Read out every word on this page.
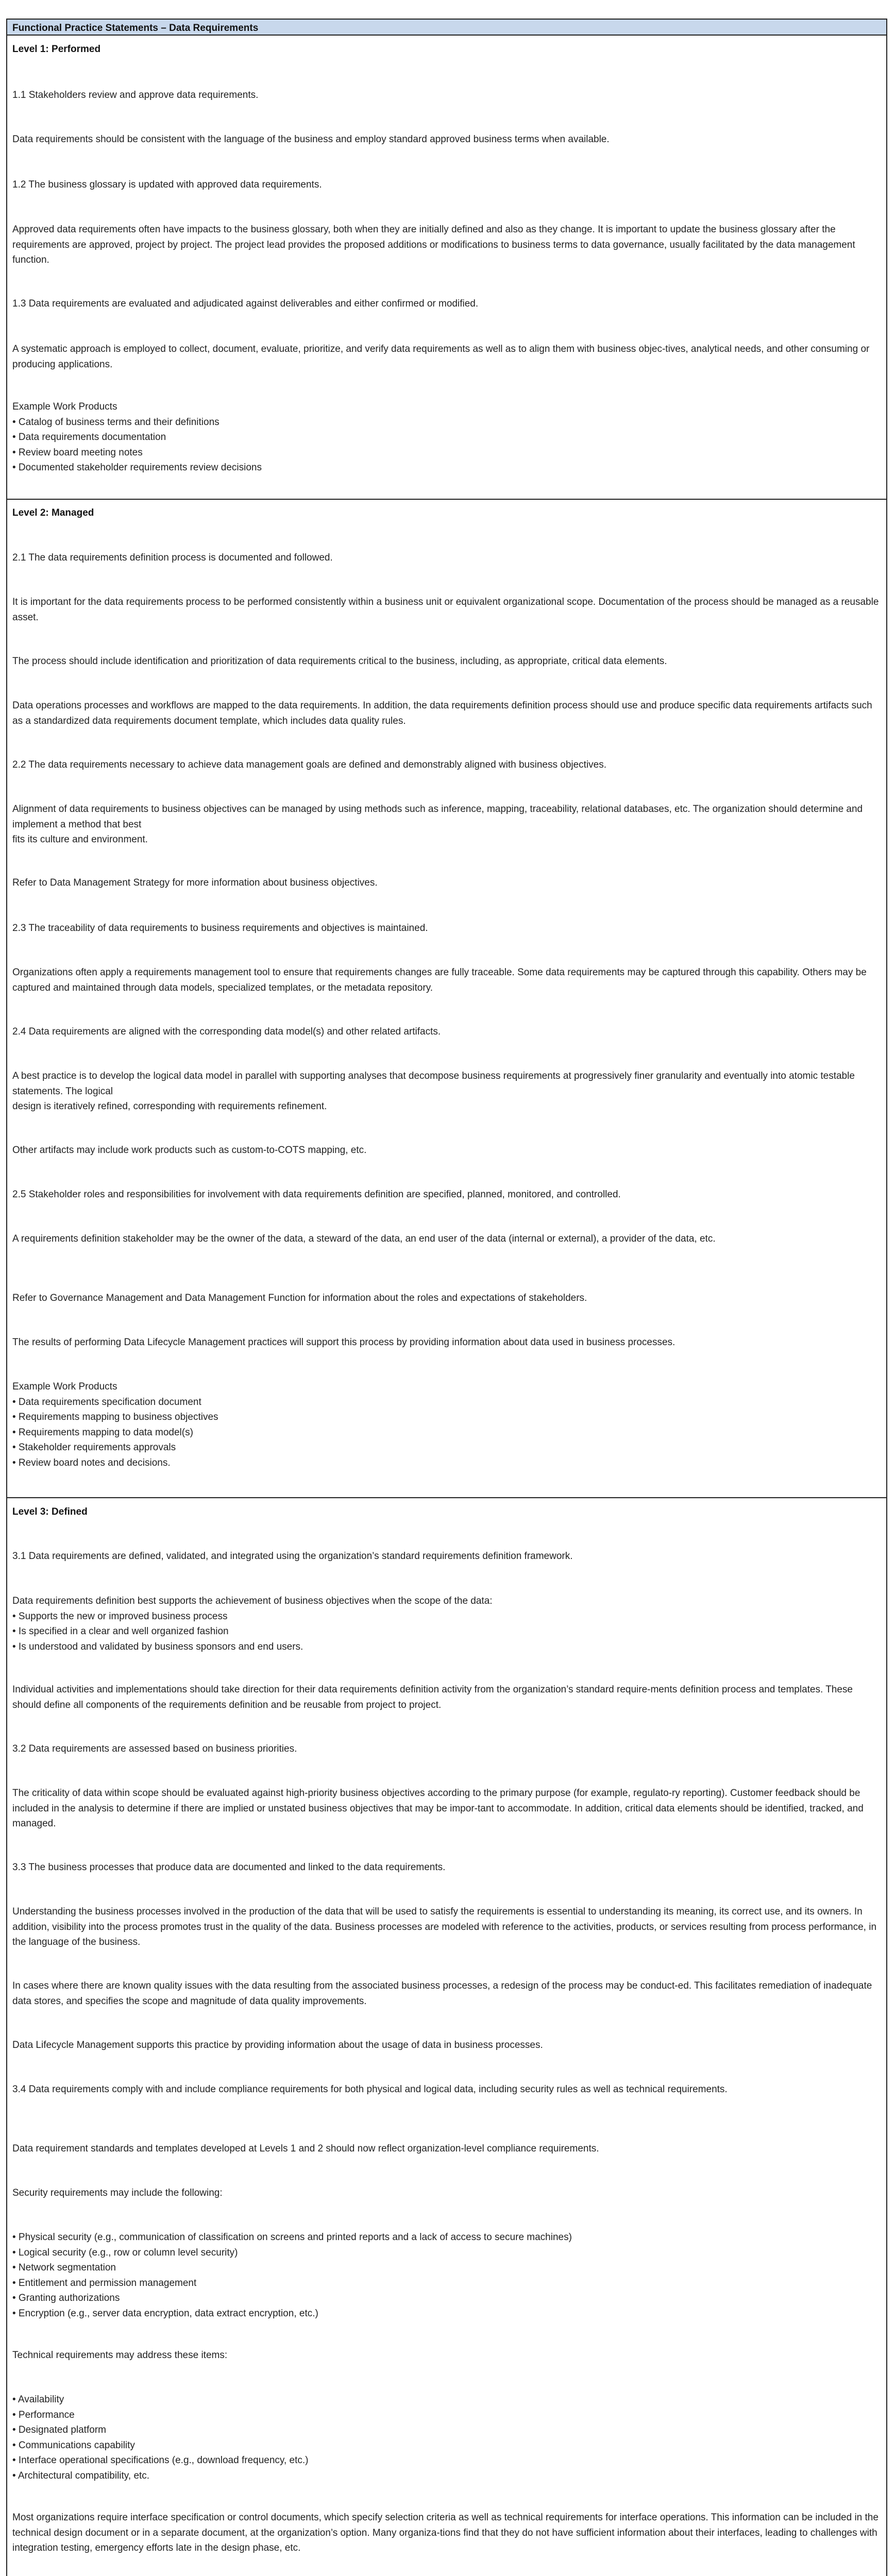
Functional Practice Statements – Data Requirements

Level 1: Performed

1.1 Stakeholders review and approve data requirements.

Data requirements should be consistent with the language of the business and employ standard approved business terms when available.

1.2 The business glossary is updated with approved data requirements.

Approved data requirements often have impacts to the business glossary, both when they are initially defined and also as they change. It is important to update the business glossary after the requirements are approved, project by project. The project lead provides the proposed additions or modifications to business terms to data governance, usually facilitated by the data management function.

1.3 Data requirements are evaluated and adjudicated against deliverables and either confirmed or modified.

A systematic approach is employed to collect, document, evaluate, prioritize, and verify data requirements as well as to align them with business objec-tives, analytical needs, and other consuming or producing applications.

Example Work Products
• Catalog of business terms and their definitions
• Data requirements documentation
• Review board meeting notes
• Documented stakeholder requirements review decisions

Level 2: Managed

2.1 The data requirements definition process is documented and followed.

It is important for the data requirements process to be performed consistently within a business unit or equivalent organizational scope. Documentation of the process should be managed as a reusable asset.

The process should include identification and prioritization of data requirements critical to the business, including, as appropriate, critical data elements.

Data operations processes and workflows are mapped to the data requirements. In addition, the data requirements definition process should use and produce specific data requirements artifacts such as a standardized data requirements document template, which includes data quality rules.

2.2 The data requirements necessary to achieve data management goals are defined and demonstrably aligned with business objectives.

Alignment of data requirements to business objectives can be managed by using methods such as inference, mapping, traceability, relational databases, etc. The organization should determine and implement a method that best
fits its culture and environment.

Refer to Data Management Strategy for more information about business objectives.

2.3 The traceability of data requirements to business requirements and objectives is maintained.

Organizations often apply a requirements management tool to ensure that requirements changes are fully traceable. Some data requirements may be captured through this capability. Others may be captured and maintained through data models, specialized templates, or the metadata repository.

2.4 Data requirements are aligned with the corresponding data model(s) and other related artifacts.

A best practice is to develop the logical data model in parallel with supporting analyses that decompose business requirements at progressively finer granularity and eventually into atomic testable statements. The logical
design is iteratively refined, corresponding with requirements refinement.

Other artifacts may include work products such as custom-to-COTS mapping, etc.

2.5 Stakeholder roles and responsibilities for involvement with data requirements definition are specified, planned, monitored, and controlled.

A requirements definition stakeholder may be the owner of the data, a steward of the data, an end user of the data (internal or external), a provider of the data, etc.

Refer to Governance Management and Data Management Function for information about the roles and expectations of stakeholders.

The results of performing Data Lifecycle Management practices will support this process by providing information about data used in business processes.

Example Work Products
• Data requirements specification document
• Requirements mapping to business objectives
• Requirements mapping to data model(s)
• Stakeholder requirements approvals
• Review board notes and decisions.

Level 3: Defined

3.1 Data requirements are defined, validated, and integrated using the organization’s standard requirements definition framework.

Data requirements definition best supports the achievement of business objectives when the scope of the data:
• Supports the new or improved business process
• Is specified in a clear and well organized fashion
• Is understood and validated by business sponsors and end users.

Individual activities and implementations should take direction for their data requirements definition activity from the organization’s standard require-ments definition process and templates. These should define all components of the requirements definition and be reusable from project to project.

3.2 Data requirements are assessed based on business priorities.

The criticality of data within scope should be evaluated against high-priority business objectives according to the primary purpose (for example, regulato-ry reporting). Customer feedback should be included in the analysis to determine if there are implied or unstated business objectives that may be impor-tant to accommodate. In addition, critical data elements should be identified, tracked, and managed.

3.3 The business processes that produce data are documented and linked to the data requirements.

Understanding the business processes involved in the production of the data that will be used to satisfy the requirements is essential to understanding its meaning, its correct use, and its owners. In addition, visibility into the process promotes trust in the quality of the data. Business processes are modeled with reference to the activities, products, or services resulting from process performance, in the language of the business.

In cases where there are known quality issues with the data resulting from the associated business processes, a redesign of the process may be conduct-ed. This facilitates remediation of inadequate data stores, and specifies the scope and magnitude of data quality improvements.

Data Lifecycle Management supports this practice by providing information about the usage of data in business processes.

3.4 Data requirements comply with and include compliance requirements for both physical and logical data, including security rules as well as technical requirements.

Data requirement standards and templates developed at Levels 1 and 2 should now reflect organization-level compliance requirements.

Security requirements may include the following:

• Physical security (e.g., communication of classification on screens and printed reports and a lack of access to secure machines)
• Logical security (e.g., row or column level security)
• Network segmentation
• Entitlement and permission management
• Granting authorizations
• Encryption (e.g., server data encryption, data extract encryption, etc.)

Technical requirements may address these items:

• Availability
• Performance
• Designated platform
• Communications capability
• Interface operational specifications (e.g., download frequency, etc.)
• Architectural compatibility, etc.

Most organizations require interface specification or control documents, which specify selection criteria as well as technical requirements for interface operations. This information can be included in the technical design document or in a separate document, at the organization’s option. Many organiza-tions find that they do not have sufficient information about their interfaces, leading to challenges with integration testing, emergency efforts late in the design phase, etc.
